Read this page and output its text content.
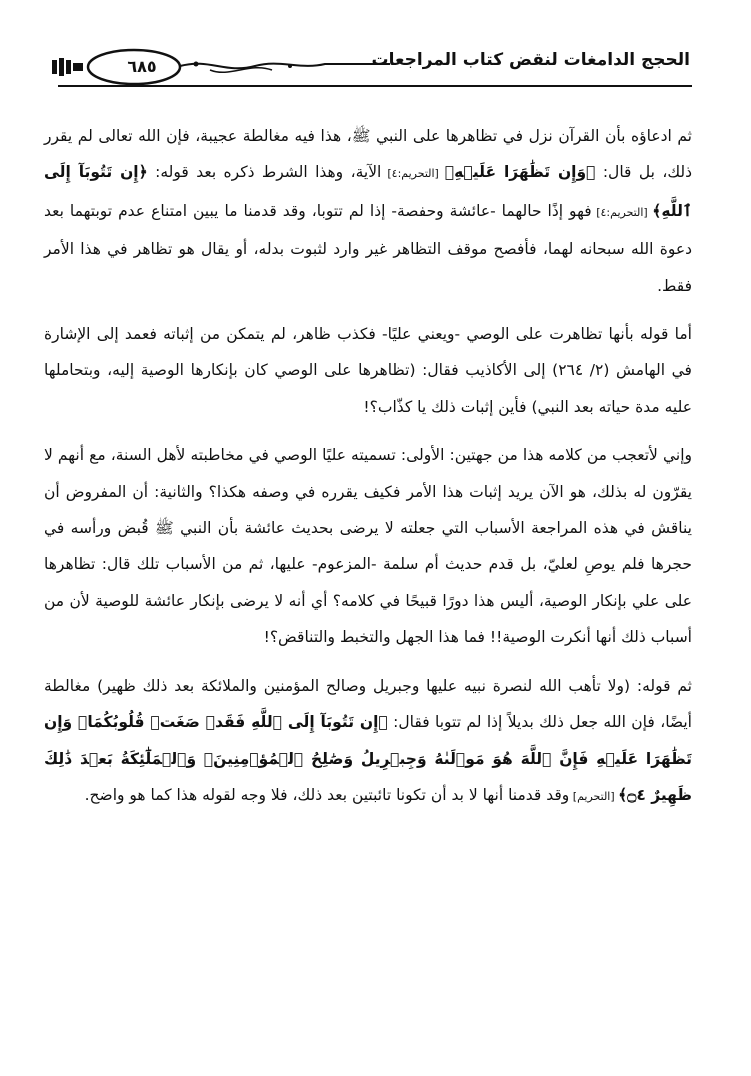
٦٨٥	الحجج الدامغات لنقض كتاب المراجعات

ثم ادعاؤه بأن القرآن نزل في تظاهرها على النبي ﷺ، هذا فيه مغالطة عجيبة، فإن الله تعالى لم يقرر ذلك، بل قال: ﴿وَإِن تَظَٰهَرَا عَلَيۡهِ﴾ [التحريم:٤] الآية، وهذا الشرط ذكره بعد قوله: ﴿إِن تَتُوبَآ إِلَى ٱللَّهِ﴾ [التحريم:٤] فهو إذًا حالهما -عائشة وحفصة- إذا لم تتوبا، وقد قدمنا ما يبين امتناع عدم توبتهما بعد دعوة الله سبحانه لهما، فأفصح موقف التظاهر غير وارد لثبوت بدله، أو يقال هو تظاهر في هذا الأمر فقط.

أما قوله بأنها تظاهرت على الوصي -ويعني عليًا- فكذب ظاهر، لم يتمكن من إثباته فعمد إلى الإشارة في الهامش (٢/ ٢٦٤) إلى الأكاذيب فقال: (تظاهرها على الوصي كان بإنكارها الوصية إليه، وبتحاملها عليه مدة حياته بعد النبي) فأين إثبات ذلك يا كذّاب؟!

وإني لأتعجب من كلامه هذا من جهتين: الأولى: تسميته عليًا الوصي في مخاطبته لأهل السنة، مع أنهم لا يقرّون له بذلك، هو الآن يريد إثبات هذا الأمر فكيف يقرره في وصفه هكذا؟ والثانية: أن المفروض أن يناقش في هذه المراجعة الأسباب التي جعلته لا يرضى بحديث عائشة بأن النبي ﷺ قُبض ورأسه في حجرها فلم يوصِ لعليّ، بل قدم حديث أم سلمة -المزعوم- عليها، ثم من الأسباب تلك قال: تظاهرها على علي بإنكار الوصية، أليس هذا دورًا قبيحًا في كلامه؟ أي أنه لا يرضى بإنكار عائشة للوصية لأن من أسباب ذلك أنها أنكرت الوصية!! فما هذا الجهل والتخبط والتناقض؟!

ثم قوله: (ولا تأهب الله لنصرة نبيه عليها وجبريل وصالح المؤمنين والملائكة بعد ذلك ظهير) مغالطة أيضًا، فإن الله جعل ذلك بديلاً إذا لم تتوبا فقال: ﴿إِن تَتُوبَآ إِلَى ٱللَّهِ فَقَدۡ صَغَتۡ قُلُوبُكُمَاۖ وَإِن تَظَٰهَرَا عَلَيۡهِ فَإِنَّ ٱللَّهَ هُوَ مَوۡلَىٰهُ وَجِبۡرِيلُ وَصَٰلِحُ ٱلۡمُؤۡمِنِينَۖ وَٱلۡمَلَٰٓئِكَةُ بَعۡدَ ذَٰلِكَ ظَهِيرٌ ۝٤﴾ [التحريم] وقد قدمنا أنها لا بد أن تكونا تائبتين بعد ذلك، فلا وجه لقوله هذا كما هو واضح.
